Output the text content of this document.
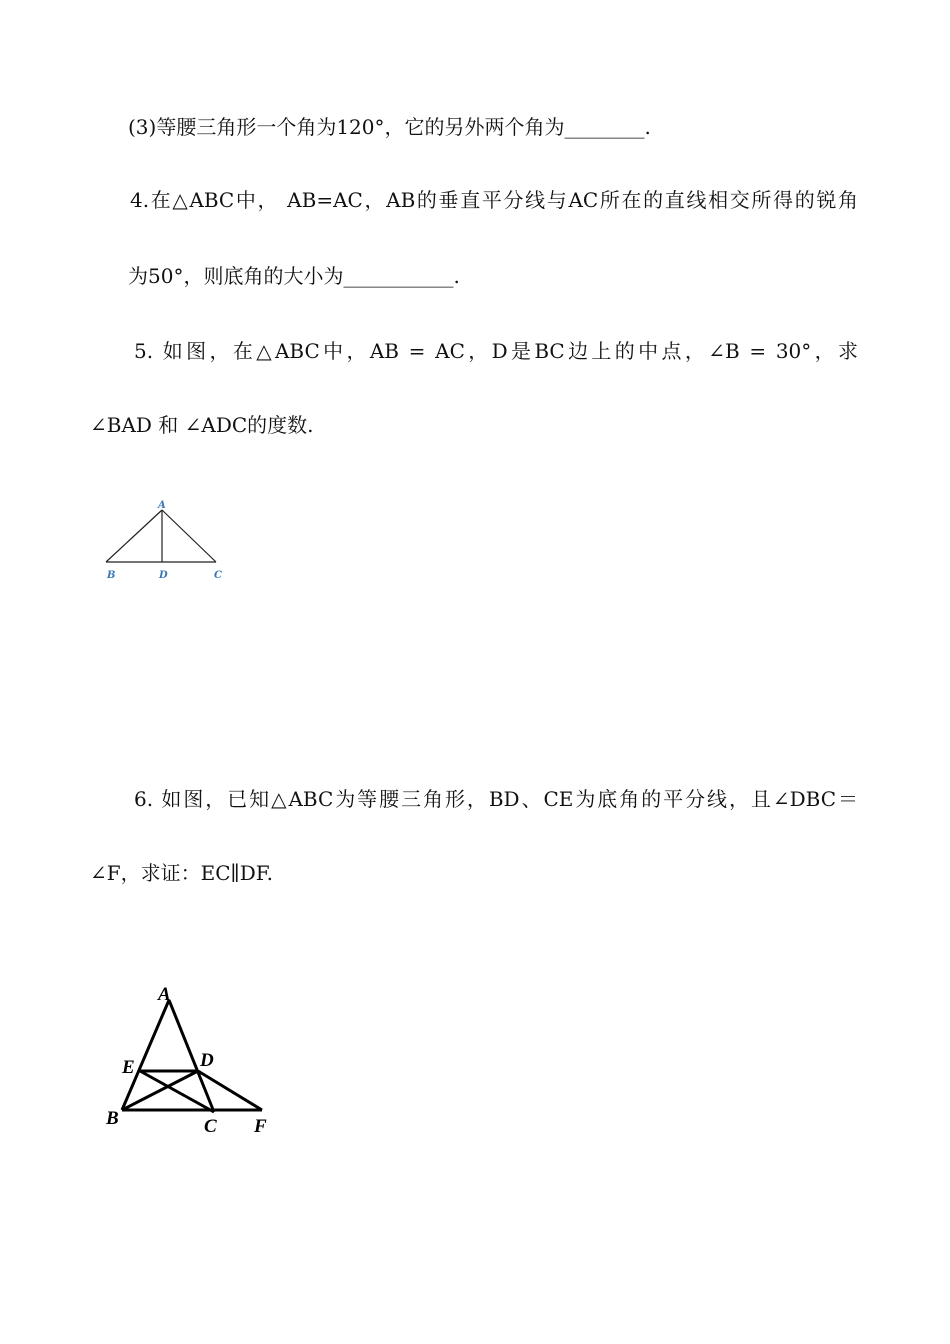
(3)等腰三角形一个角为120°，它的另外两个角为________.

4.在△ABC中， AB=AC，AB的垂直平分线与AC所在的直线相交所得的锐角

为50°，则底角的大小为___________.

5. 如图，在△ABC中，AB = AC，D是BC边上的中点，∠B = 30°，求

∠BAD 和 ∠ADC的度数.

A
B	D	C

6. 如图，已知△ABC为等腰三角形，BD、CE为底角的平分线，且∠DBC＝

∠F，求证：EC∥DF.

A
E	D
B	C F
